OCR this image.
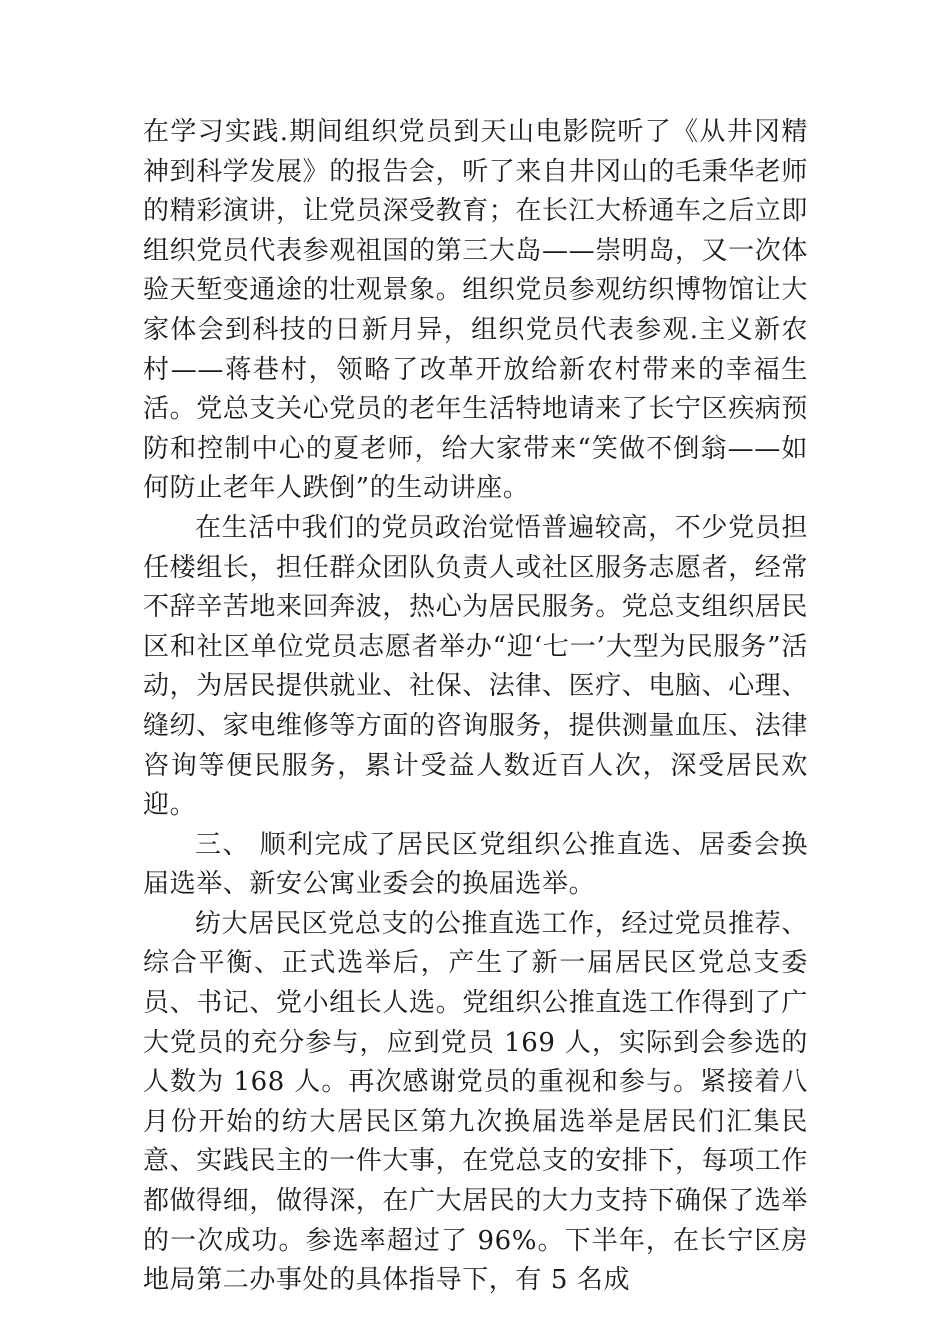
在学习实践.期间组织党员到天山电影院听了《从井冈精神到科学发展》的报告会，听了来自井冈山的毛秉华老师的精彩演讲，让党员深受教育；在长江大桥通车之后立即组织党员代表参观祖国的第三大岛——崇明岛，又一次体验天堑变通途的壮观景象。组织党员参观纺织博物馆让大家体会到科技的日新月异，组织党员代表参观.主义新农村——蒋巷村，领略了改革开放给新农村带来的幸福生活。党总支关心党员的老年生活特地请来了长宁区疾病预防和控制中心的夏老师，给大家带来“笑做不倒翁——如何防止老年人跌倒”的生动讲座。

在生活中我们的党员政治觉悟普遍较高，不少党员担任楼组长，担任群众团队负责人或社区服务志愿者，经常不辞辛苦地来回奔波，热心为居民服务。党总支组织居民区和社区单位党员志愿者举办“迎‘七一’大型为民服务”活动，为居民提供就业、社保、法律、医疗、电脑、心理、缝纫、家电维修等方面的咨询服务，提供测量血压、法律咨询等便民服务，累计受益人数近百人次，深受居民欢迎。

三、 顺利完成了居民区党组织公推直选、居委会换届选举、新安公寓业委会的换届选举。

纺大居民区党总支的公推直选工作，经过党员推荐、综合平衡、正式选举后，产生了新一届居民区党总支委员、书记、党小组长人选。党组织公推直选工作得到了广大党员的充分参与，应到党员 169 人，实际到会参选的人数为 168 人。再次感谢党员的重视和参与。紧接着八月份开始的纺大居民区第九次换届选举是居民们汇集民意、实践民主的一件大事，在党总支的安排下，每项工作都做得细，做得深，在广大居民的大力支持下确保了选举的一次成功。参选率超过了 96%。下半年，在长宁区房地局第二办事处的具体指导下，有 5 名成
